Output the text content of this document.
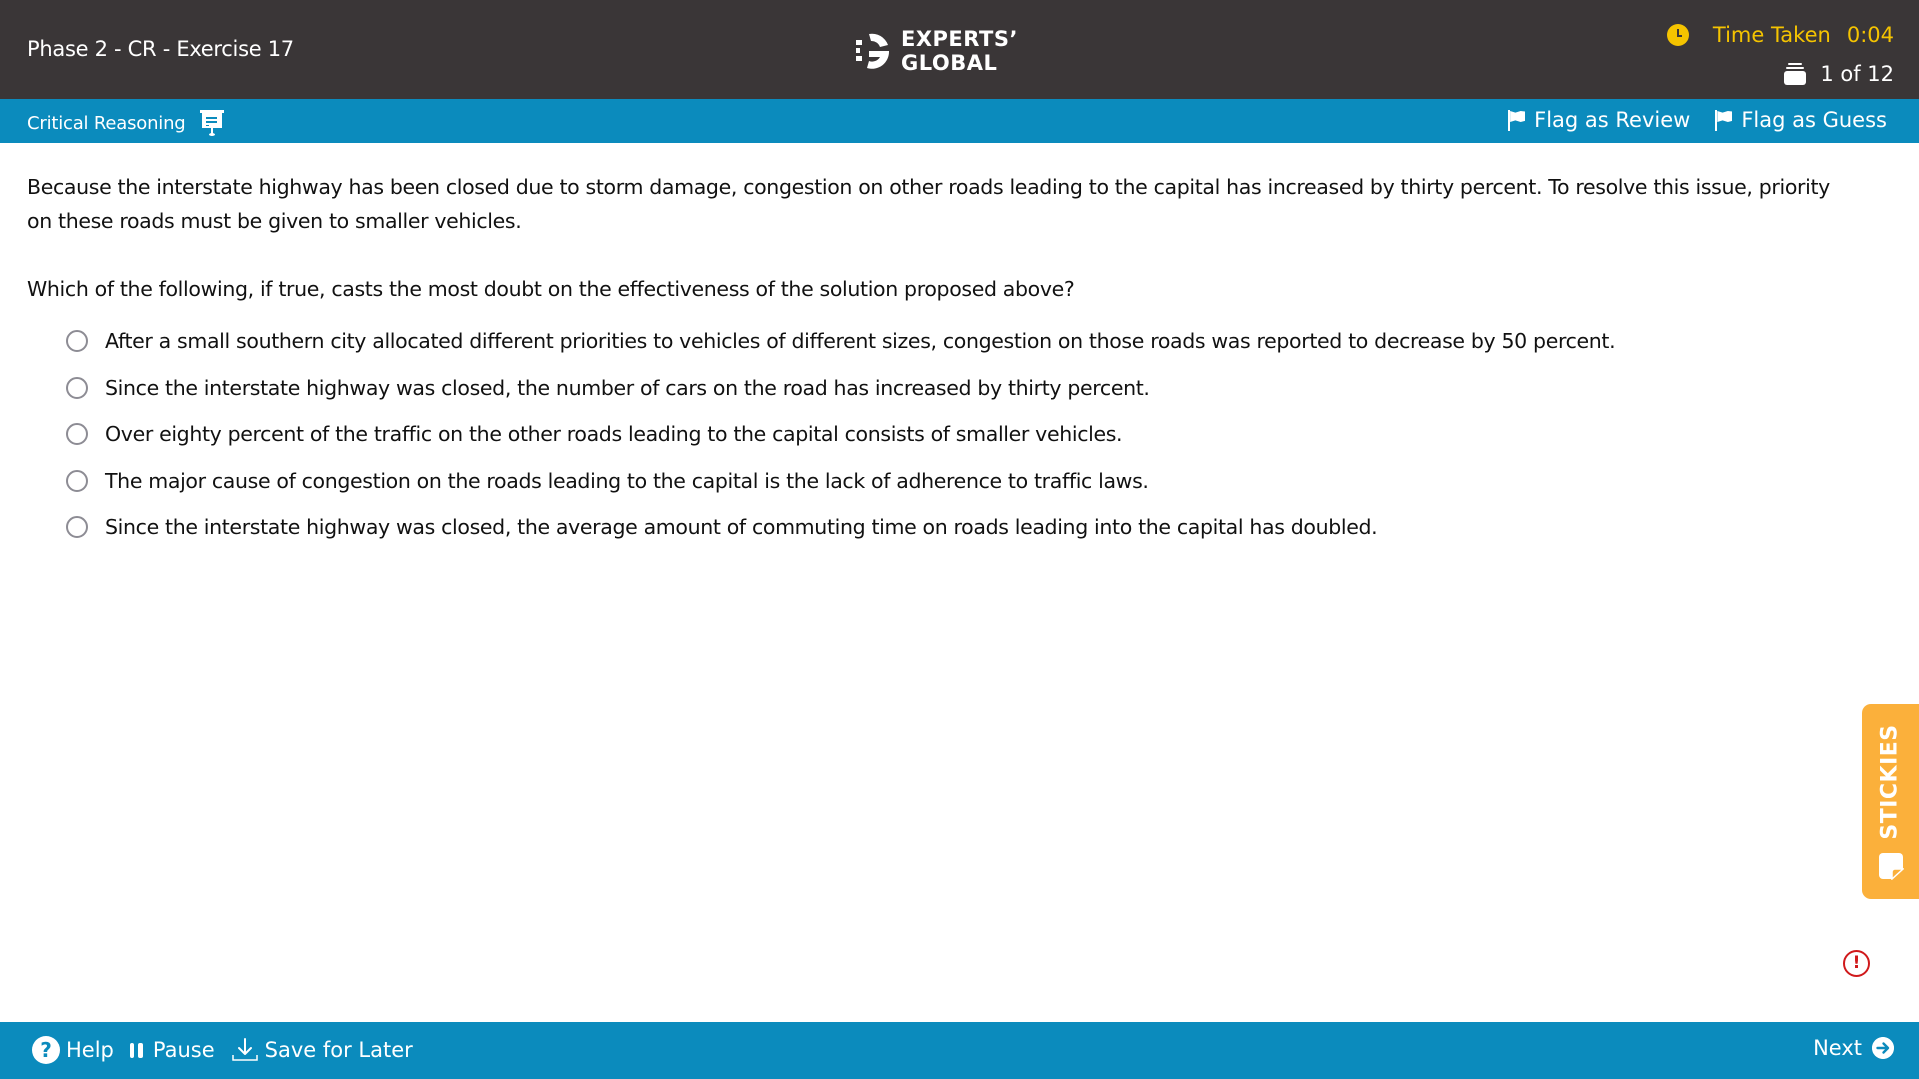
Phase 2 - CR - Exercise 17	EXPERTS’
GLOBAL
Time Taken 0:04
1 of 12
Critical Reasoning	Flag as Review Flag as Guess

Because the interstate highway has been closed due to storm damage, congestion on other roads leading to the capital has increased by thirty percent. To resolve this issue, priority on these roads must be given to smaller vehicles.

Which of the following, if true, casts the most doubt on the effectiveness of the solution proposed above?

After a small southern city allocated different priorities to vehicles of different sizes, congestion on those roads was reported to decrease by 50 percent.
Since the interstate highway was closed, the number of cars on the road has increased by thirty percent.
Over eighty percent of the traffic on the other roads leading to the capital consists of smaller vehicles.
The major cause of congestion on the roads leading to the capital is the lack of adherence to traffic laws.
Since the interstate highway was closed, the average amount of commuting time on roads leading into the capital has doubled.
STICKIES
!
? Help Pause Save for Later	Next
